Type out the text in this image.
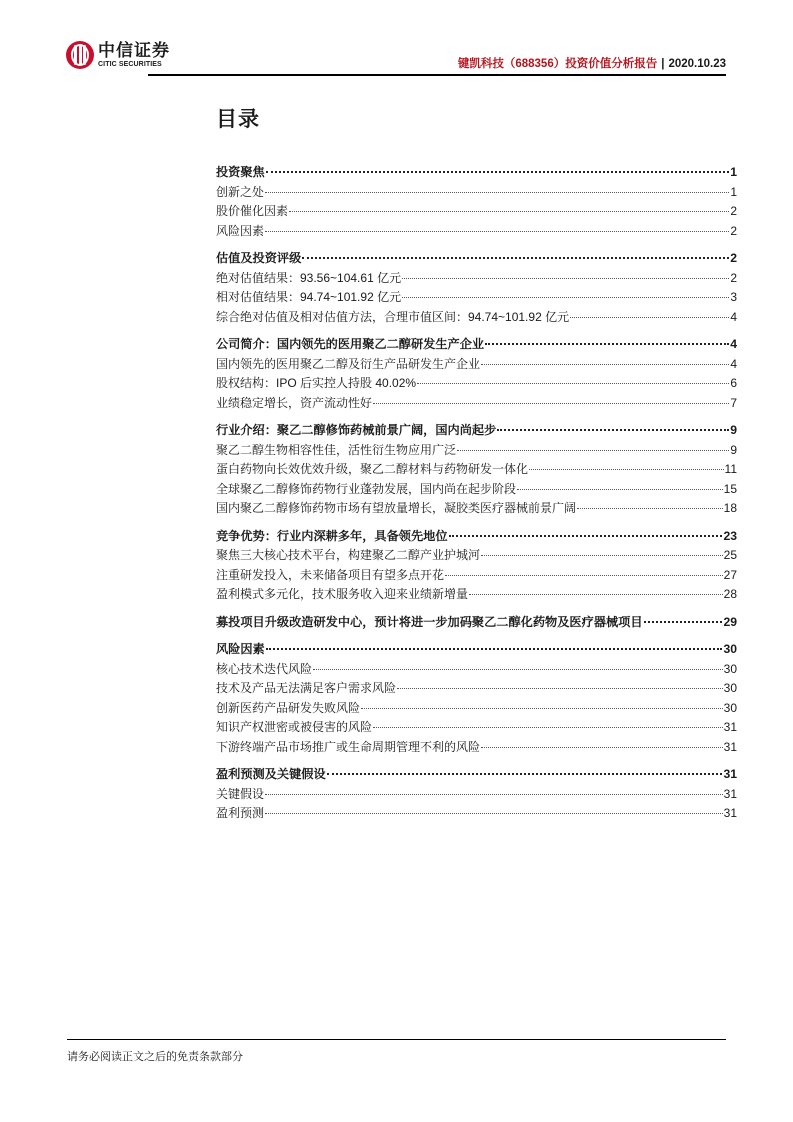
中信证券
CITIC SECURITIES	键凯科技（688356）投资价值分析报告 | 2020.10.23
目录
投资聚焦	1
创新之处	1
股价催化因素	2
风险因素	2
估值及投资评级	2
绝对估值结果：93.56~104.61 亿元	2
相对估值结果：94.74~101.92 亿元	3
综合绝对估值及相对估值方法，合理市值区间：94.74~101.92 亿元	4
公司简介：国内领先的医用聚乙二醇研发生产企业	4
国内领先的医用聚乙二醇及衍生产品研发生产企业	4
股权结构：IPO 后实控人持股 40.02%	6
业绩稳定增长，资产流动性好	7
行业介绍：聚乙二醇修饰药械前景广阔，国内尚起步	9
聚乙二醇生物相容性佳，活性衍生物应用广泛	9
蛋白药物向长效优效升级，聚乙二醇材料与药物研发一体化	11
全球聚乙二醇修饰药物行业蓬勃发展，国内尚在起步阶段	15
国内聚乙二醇修饰药物市场有望放量增长，凝胶类医疗器械前景广阔	18
竞争优势：行业内深耕多年，具备领先地位	23
聚焦三大核心技术平台，构建聚乙二醇产业护城河	25
注重研发投入，未来储备项目有望多点开花	27
盈利模式多元化，技术服务收入迎来业绩新增量	28
募投项目升级改造研发中心，预计将进一步加码聚乙二醇化药物及医疗器械项目	29
风险因素	30
核心技术迭代风险	30
技术及产品无法满足客户需求风险	30
创新医药产品研发失败风险	30
知识产权泄密或被侵害的风险	31
下游终端产品市场推广或生命周期管理不利的风险	31
盈利预测及关键假设	31
关键假设	31
盈利预测	31
请务必阅读正文之后的免责条款部分
